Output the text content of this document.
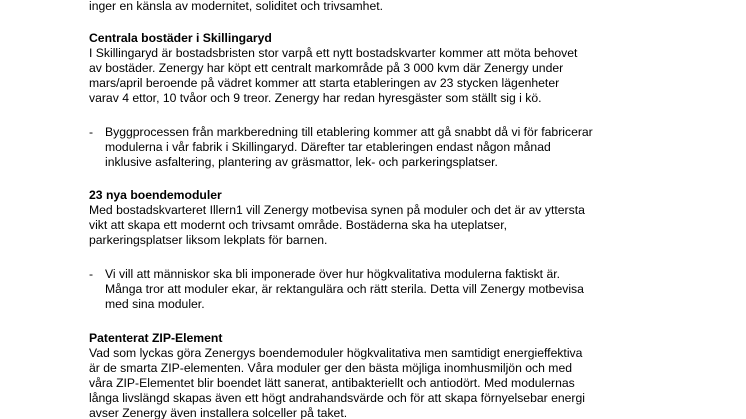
inger en känsla av modernitet, soliditet och trivsamhet.
Centrala bostäder i Skillingaryd
I Skillingaryd är bostadsbristen stor varpå ett nytt bostadskvarter kommer att möta behovet
av bostäder. Zenergy har köpt ett centralt markområde på 3 000 kvm där Zenergy under
mars/april beroende på vädret kommer att starta etableringen av 23 stycken lägenheter
varav 4 ettor, 10 tvåor och 9 treor. Zenergy har redan hyresgäster som ställt sig i kö.
- Byggprocessen från markberedning till etablering kommer att gå snabbt då vi för fabricerar
modulerna i vår fabrik i Skillingaryd. Därefter tar etableringen endast någon månad
inklusive asfaltering, plantering av gräsmattor, lek- och parkeringsplatser.
23 nya boendemoduler
Med bostadskvarteret Illern1 vill Zenergy motbevisa synen på moduler och det är av yttersta
vikt att skapa ett modernt och trivsamt område. Bostäderna ska ha uteplatser,
parkeringsplatser liksom lekplats för barnen.
- Vi vill att människor ska bli imponerade över hur högkvalitativa modulerna faktiskt är.
Många tror att moduler ekar, är rektangulära och rätt sterila. Detta vill Zenergy motbevisa
med sina moduler.
Patenterat ZIP-Element
Vad som lyckas göra Zenergys boendemoduler högkvalitativa men samtidigt energieffektiva
är de smarta ZIP-elementen. Våra moduler ger den bästa möjliga inomhusmiljön och med
våra ZIP-Elementet blir boendet lätt sanerat, antibakteriellt och antiodört. Med modulernas
långa livslängd skapas även ett högt andrahandsvärde och för att skapa förnyelsebar energi
avser Zenergy även installera solceller på taket.
